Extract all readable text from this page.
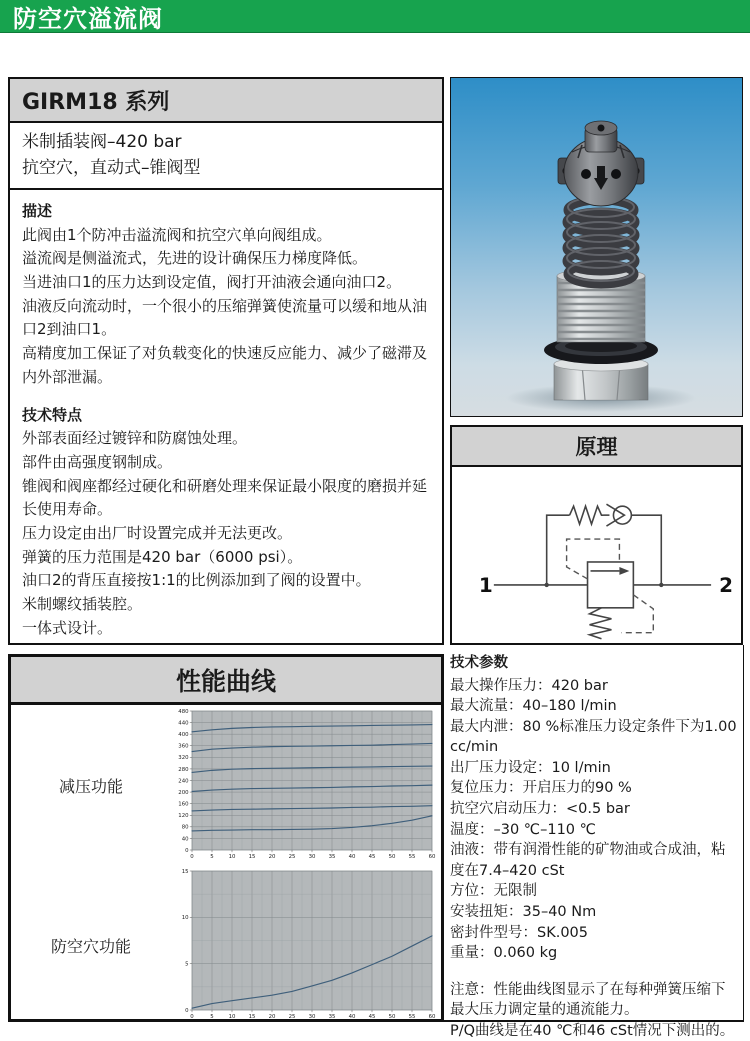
防空穴溢流阀
GIRM18 系列
米制插装阀–420 bar
抗空穴，直动式–锥阀型
描述
此阀由1个防冲击溢流阀和抗空穴单向阀组成。
溢流阀是侧溢流式，先进的设计确保压力梯度降低。
当进油口1的压力达到设定值，阀打开油液会通向油口2。
油液反向流动时，一个很小的压缩弹簧使流量可以缓和地从油口2到油口1。
高精度加工保证了对负载变化的快速反应能力、减少了磁滞及内外部泄漏。
技术特点
外部表面经过镀锌和防腐蚀处理。
部件由高强度钢制成。
锥阀和阀座都经过硬化和研磨处理来保证最小限度的磨损并延长使用寿命。
压力设定由出厂时设置完成并无法更改。
弹簧的压力范围是420 bar（6000 psi）。
油口2的背压直接按1:1的比例添加到了阀的设置中。
米制螺纹插装腔。
一体式设计。
原理
1	2
性能曲线
减压功能
0	5	10 15 20 25 30 35 40 45 50 55 60
0
40
80
120
160
200
240
280
320
360
400
440
480
防空穴功能
0	5	10 15 20 25 30 35 40 45 50 55 60
0
5
10
15
技术参数
最大操作压力：420 bar
最大流量：40–180 l/min
最大内泄：80 %标准压力设定条件下为1.00 cc/min
出厂压力设定：10 l/min
复位压力：开启压力的90 %
抗空穴启动压力：<0.5 bar
温度：–30 ℃–110 ℃
油液：带有润滑性能的矿物油或合成油，粘度在7.4–420 cSt
方位：无限制
安装扭矩：35–40 Nm
密封件型号：SK.005
重量：0.060 kg
注意：性能曲线图显示了在每种弹簧压缩下最大压力调定量的通流能力。
P/Q曲线是在40 ℃和46 cSt情况下测出的。
